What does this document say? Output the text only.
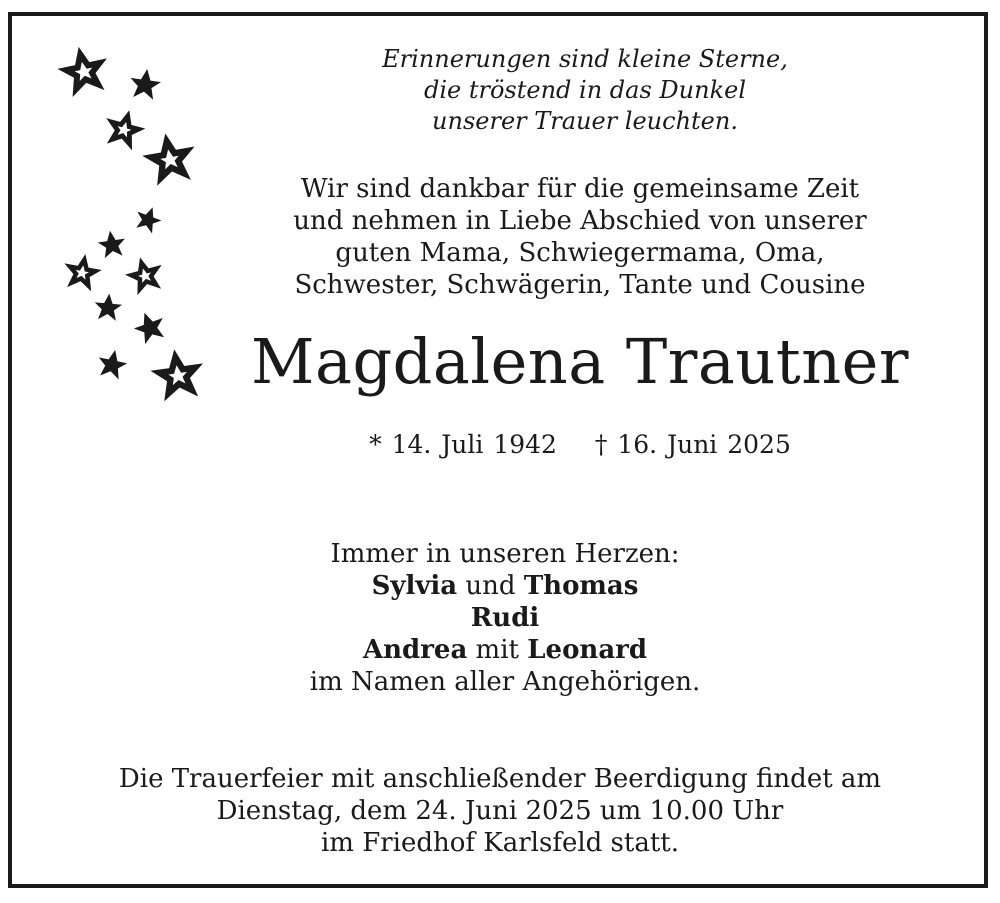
Erinnerungen sind kleine Sterne,
die tröstend in das Dunkel
unserer Trauer leuchten.
Wir sind dankbar für die gemeinsame Zeit
und nehmen in Liebe Abschied von unserer
guten Mama, Schwiegermama, Oma,
Schwester, Schwägerin, Tante und Cousine
Magdalena Trautner
* 14. Juli 1942 † 16. Juni 2025
Immer in unseren Herzen:
Sylvia und Thomas
Rudi
Andrea mit Leonard
im Namen aller Angehörigen.
Die Trauerfeier mit anschließender Beerdigung findet am
Dienstag, dem 24. Juni 2025 um 10.00 Uhr
im Friedhof Karlsfeld statt.
